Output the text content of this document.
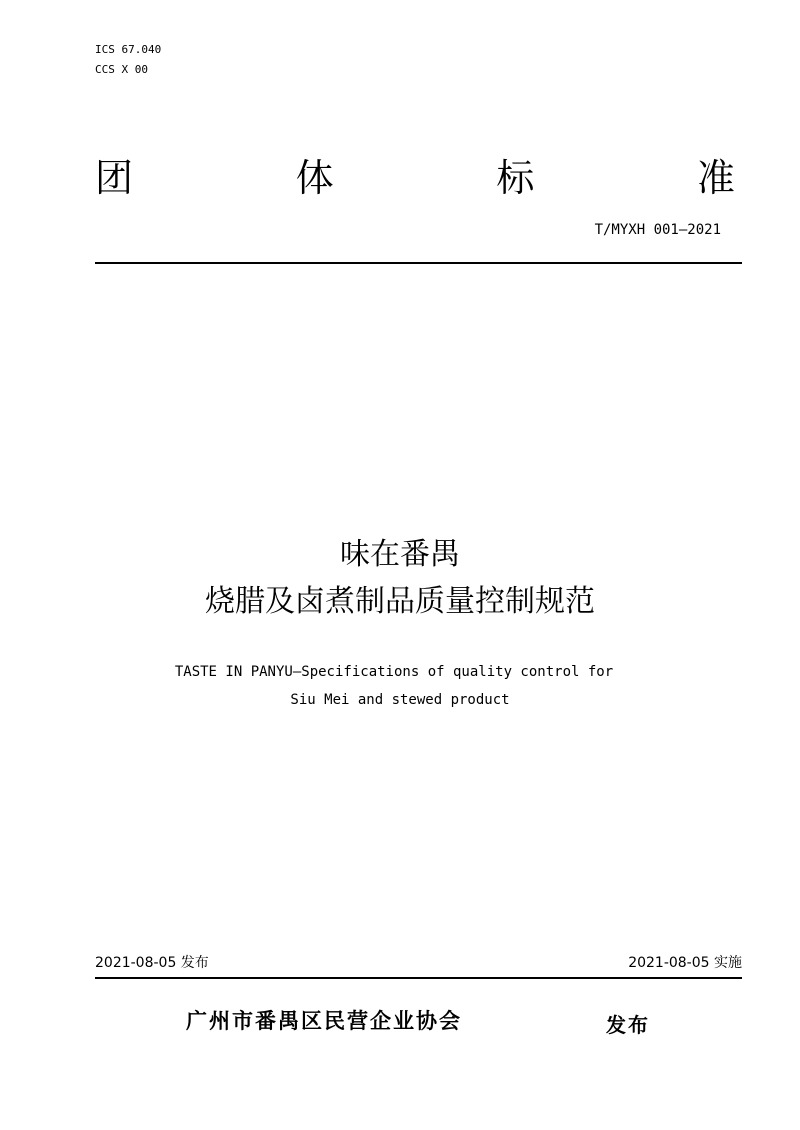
ICS 67.040
CCS X 00
团	体	标	准
T/MYXH 001—2021
味在番禺
烧腊及卤煮制品质量控制规范
TASTE IN PANYU—Specifications of quality control for
Siu Mei and stewed product
2021-08-05 发布	2021-08-05 实施
广州市番禺区民营企业协会	发布
